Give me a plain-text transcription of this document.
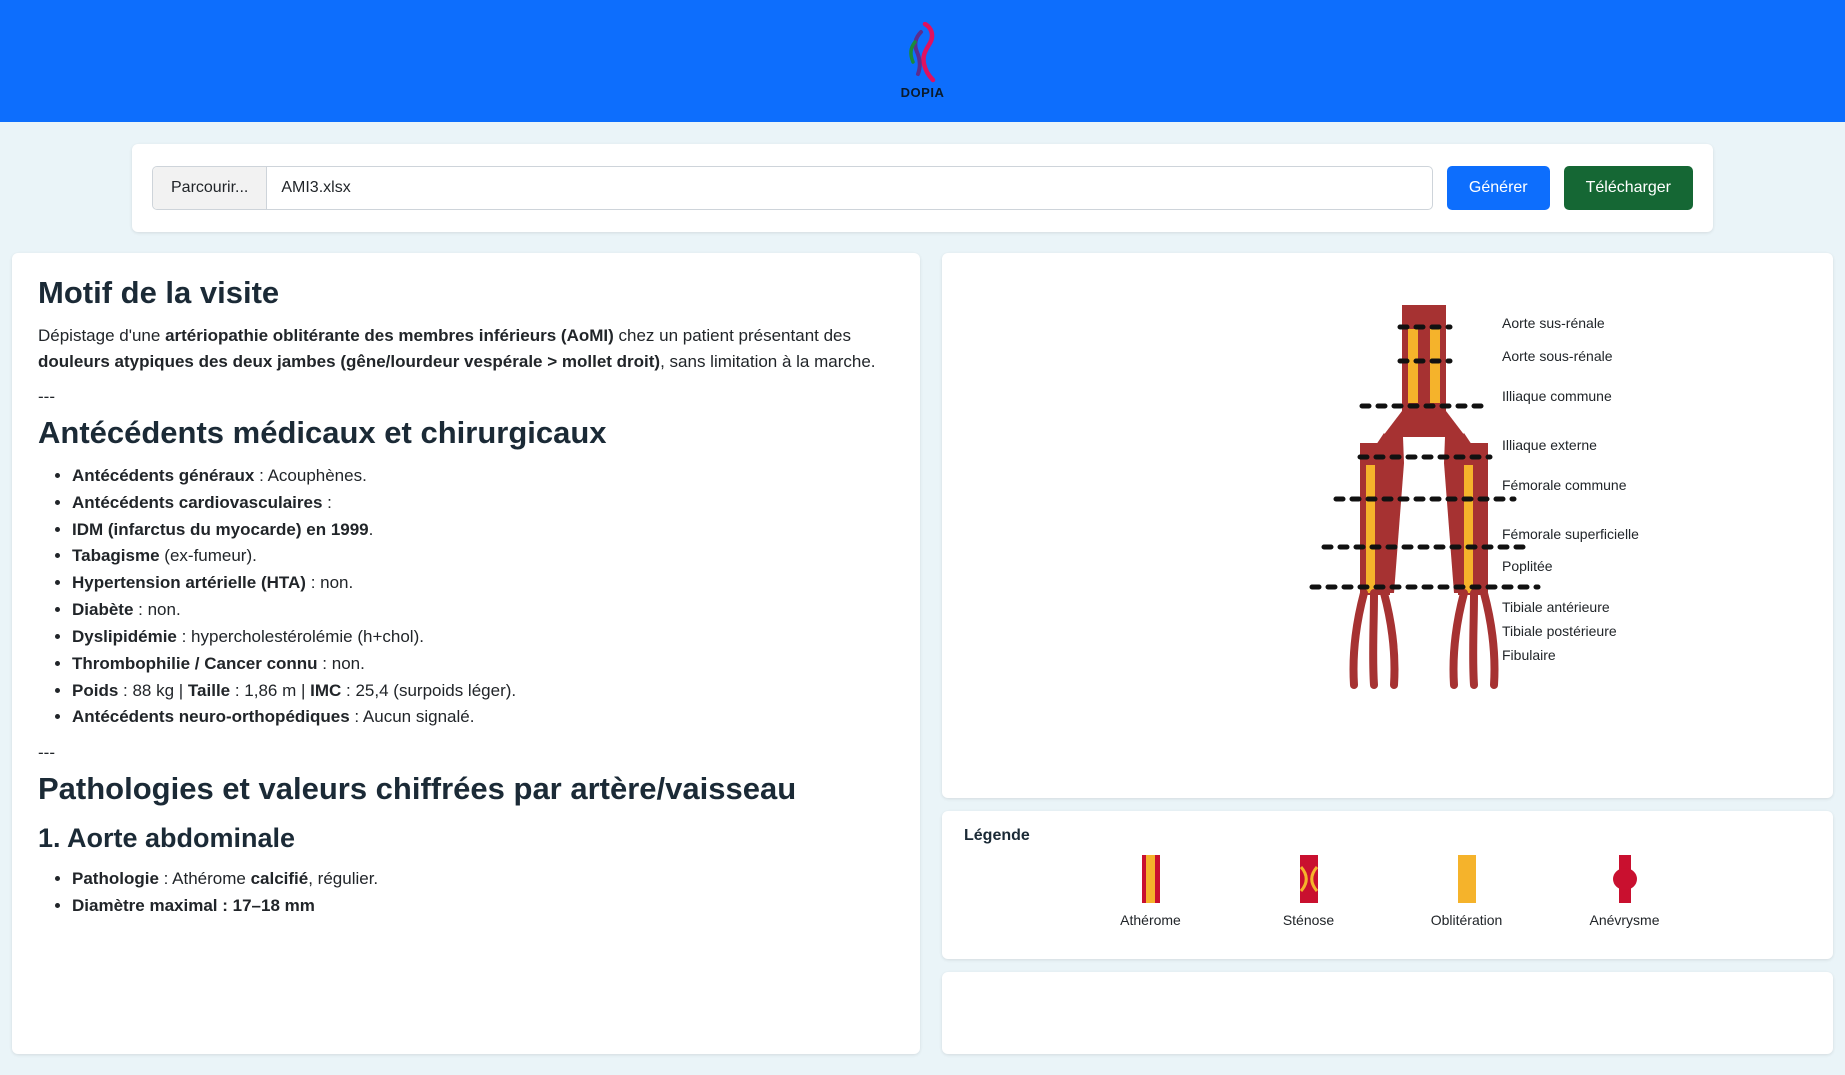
DOPIA
Parcourir...	AMI3.xlsx	Générer	Télécharger
Motif de la visite

Dépistage d'une artériopathie oblitérante des membres inférieurs (AoMI) chez un patient présentant des douleurs atypiques des deux jambes (gêne/lourdeur vespérale > mollet droit), sans limitation à la marche.

---
Antécédents médicaux et chirurgicaux
• Antécédents généraux : Acouphènes.
• Antécédents cardiovasculaires :
• IDM (infarctus du myocarde) en 1999.
• Tabagisme (ex-fumeur).
• Hypertension artérielle (HTA) : non.
• Diabète : non.
• Dyslipidémie : hypercholestérolémie (h+chol).
• Thrombophilie / Cancer connu : non.
• Poids : 88 kg | Taille : 1,86 m | IMC : 25,4 (surpoids léger).
• Antécédents neuro-orthopédiques : Aucun signalé.
---
Pathologies et valeurs chiffrées par artère/vaisseau
1. Aorte abdominale
• Pathologie : Athérome calcifié, régulier.
• Diamètre maximal : 17–18 mm
Aorte sus-rénale
Aorte sous-rénale
Illiaque commune
Illiaque externe
Fémorale commune
Fémorale superficielle
Poplitée
Tibiale antérieure
Tibiale postérieure
Fibulaire
Légende
Athérome	Sténose	Oblitération	Anévrysme
